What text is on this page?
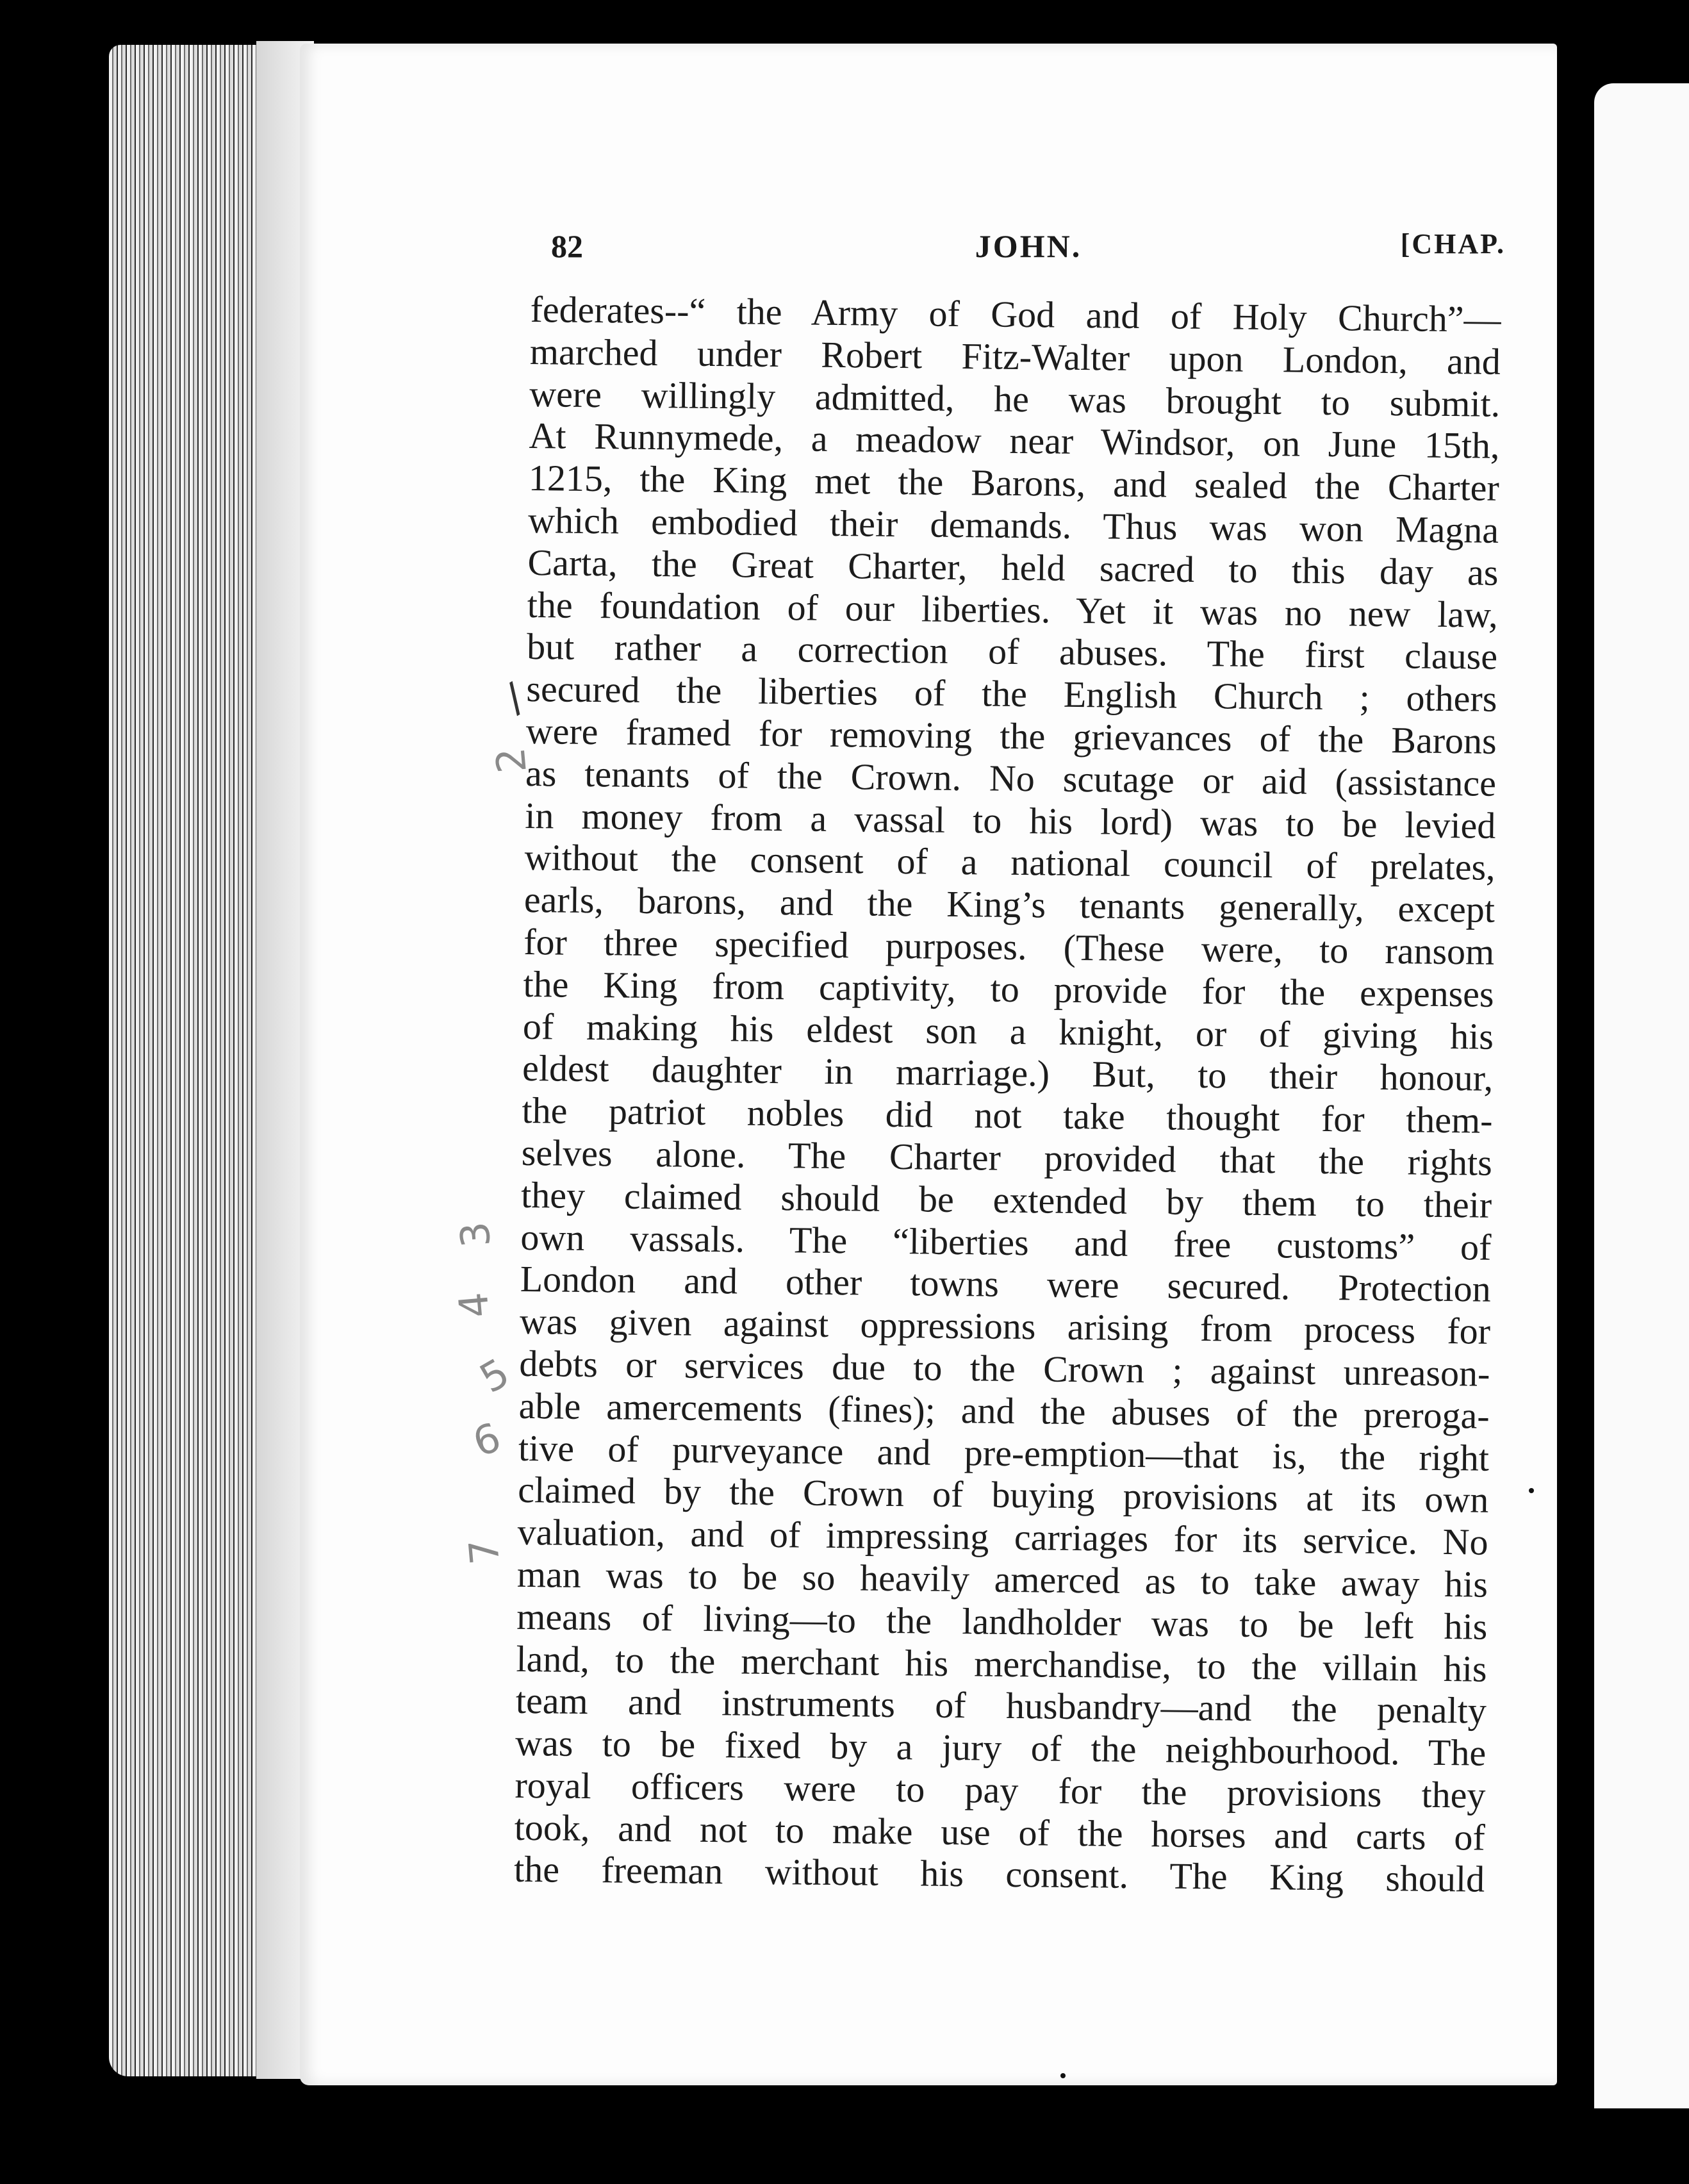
82	JOHN.	[CHAP.
federates--“ the Army of God and of Holy Church”—
marched under Robert Fitz-Walter upon London, and
were willingly admitted, he was brought to submit.
At Runnymede, a meadow near Windsor, on June 15th,
1215, the King met the Barons, and sealed the Charter
which embodied their demands. Thus was won Magna
Carta, the Great Charter, held sacred to this day as
the foundation of our liberties. Yet it was no new law,
but rather a correction of abuses. The first clause
secured the liberties of the English Church ; others
were framed for removing the grievances of the Barons
as tenants of the Crown. No scutage or aid (assistance
in money from a vassal to his lord) was to be levied
without the consent of a national council of prelates,
earls, barons, and the King’s tenants generally, except
for three specified purposes. (These were, to ransom
the King from captivity, to provide for the expenses
of making his eldest son a knight, or of giving his
eldest daughter in marriage.) But, to their honour,
the patriot nobles did not take thought for them-
selves alone. The Charter provided that the rights
they claimed should be extended by them to their
own vassals. The “liberties and free customs” of
London and other towns were secured. Protection
was given against oppressions arising from process for
debts or services due to the Crown ; against unreason-
able amercements (fines); and the abuses of the preroga-
tive of purveyance and pre-emption—that is, the right
claimed by the Crown of buying provisions at its own
valuation, and of impressing carriages for its service. No
man was to be so heavily amerced as to take away his
means of living—to the landholder was to be left his
land, to the merchant his merchandise, to the villain his
team and instruments of husbandry—and the penalty
was to be fixed by a jury of the neighbourhood. The
royal officers were to pay for the provisions they
took, and not to make use of the horses and carts of
the freeman without his consent. The King should
/
2
3
4
5
6
7
